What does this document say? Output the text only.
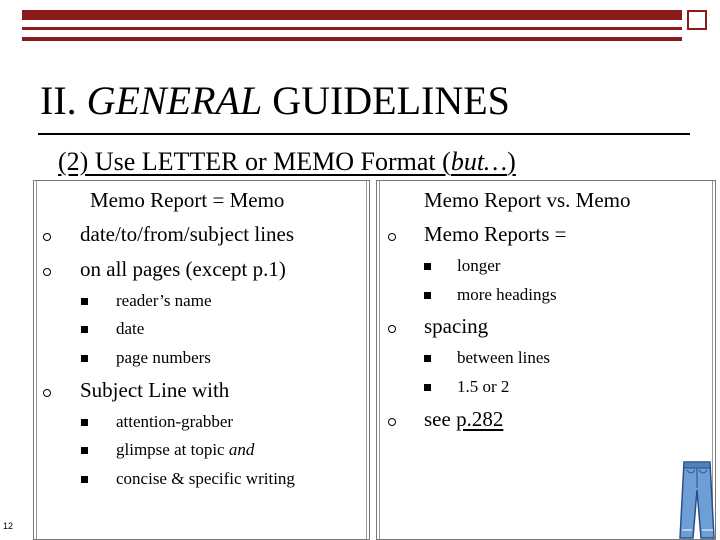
II. GENERAL GUIDELINES
(2) Use LETTER or MEMO Format (but…)
Memo Report = Memo
date/to/from/subject lines
on all pages (except p.1)
reader’s name
date
page numbers
Subject Line with
attention-grabber
glimpse at topic and
concise & specific writing
Memo Report vs. Memo
Memo Reports =
longer
more headings
spacing
between lines
1.5 or 2
see p.282
12
